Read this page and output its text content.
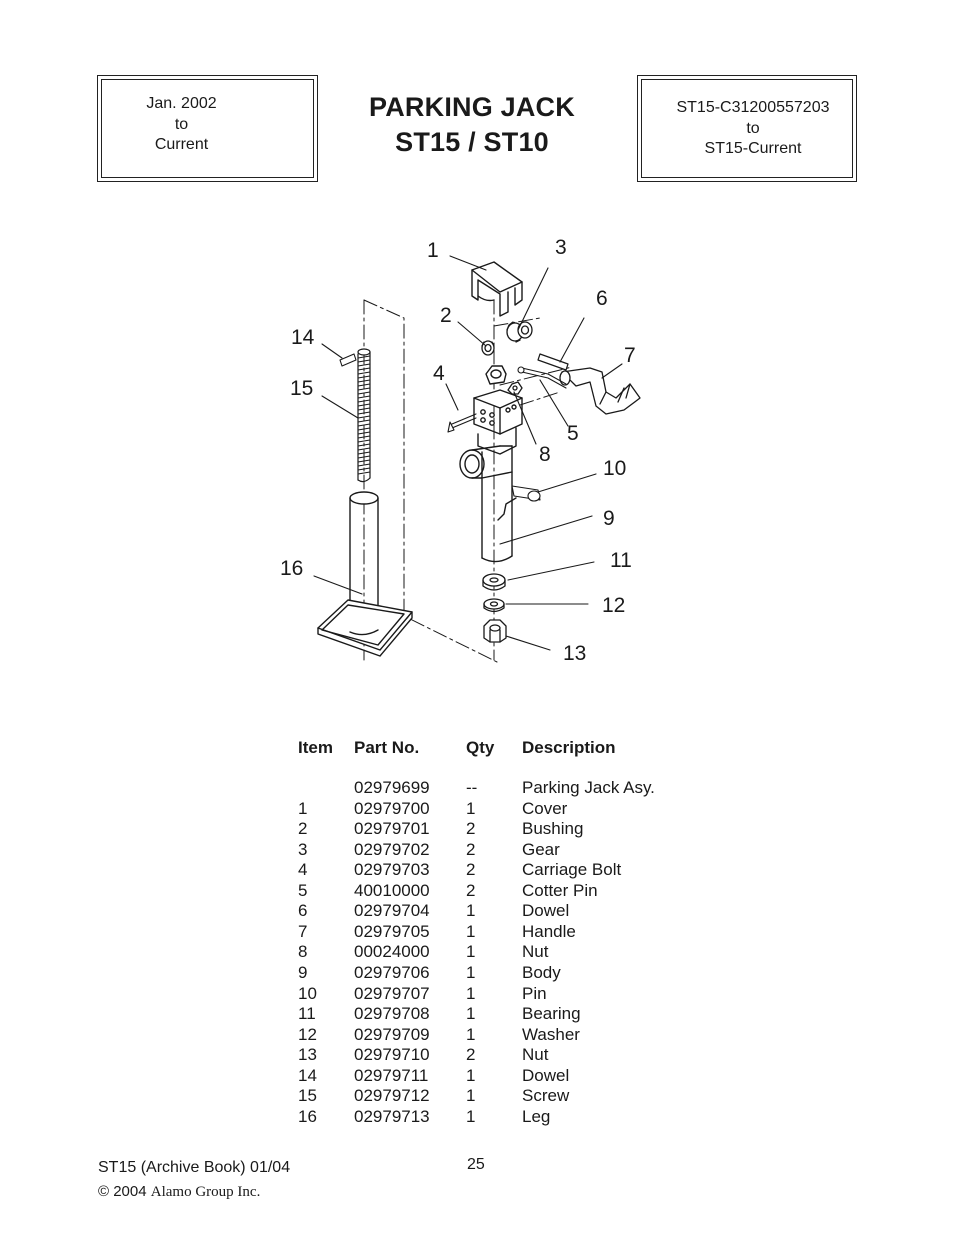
Jan. 2002
to
Current
PARKING JACK
ST15 / ST10
ST15-C31200557203
to
ST15-Current
1
2
3
4
5
6
7
8
9
10
11
12
13
14
15
16
Item Part No.	Qty Description
02979699 --	Parking Jack Asy.
1	02979700 1	Cover
2	02979701 2	Bushing
3	02979702 2	Gear
4	02979703 2	Carriage Bolt
5	40010000 2	Cotter Pin
6	02979704 1	Dowel
7	02979705 1	Handle
8	00024000 1	Nut
9	02979706 1	Body
10 02979707 1	Pin
11 02979708 1	Bearing
12 02979709 1	Washer
13 02979710 2	Nut
14 02979711 1	Dowel
15 02979712 1	Screw
16 02979713 1	Leg
ST15 (Archive Book) 01/04
© 2004 Alamo Group Inc.
25
